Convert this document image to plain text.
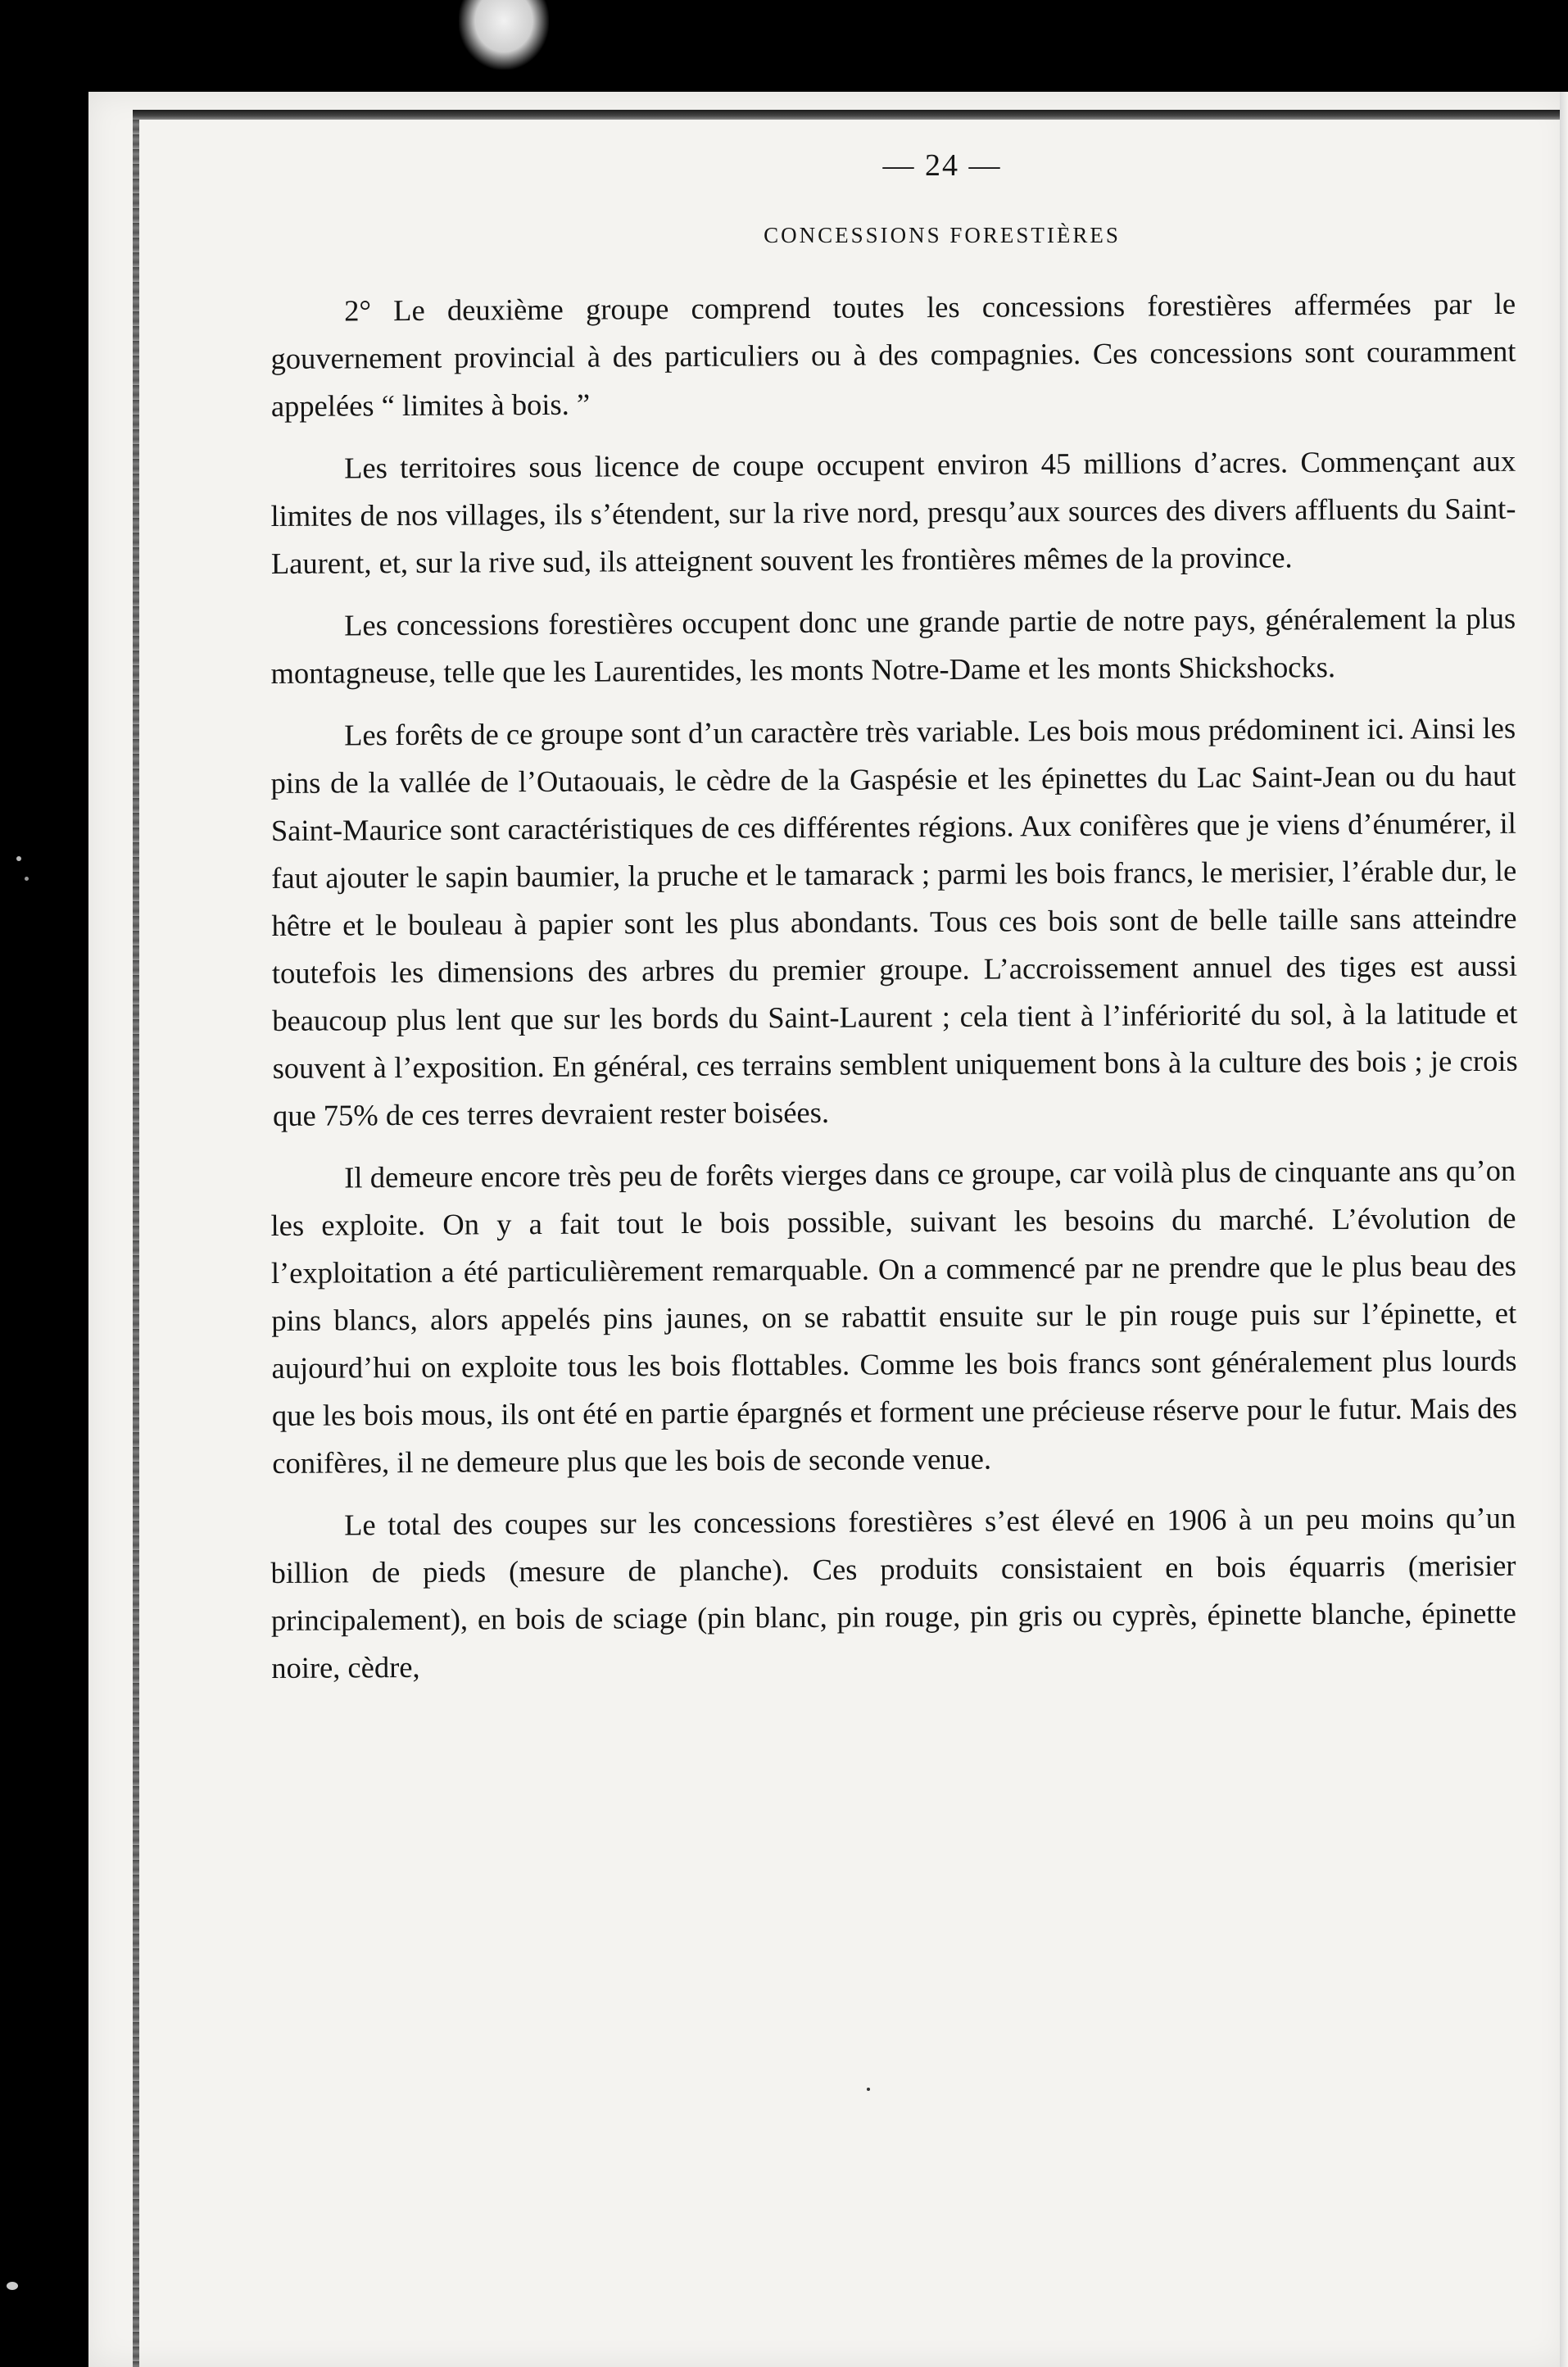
— 24 —
CONCESSIONS FORESTIÈRES

2° Le deuxième groupe comprend toutes les concessions forestières affermées par le gouvernement provincial à des particuliers ou à des compagnies. Ces concessions sont couramment appelées “ limites à bois. ”

Les territoires sous licence de coupe occupent environ 45 millions d’acres. Commençant aux limites de nos villages, ils s’étendent, sur la rive nord, presqu’aux sources des divers affluents du Saint-Laurent, et, sur la rive sud, ils atteignent souvent les frontières mêmes de la province.

Les concessions forestières occupent donc une grande partie de notre pays, généralement la plus montagneuse, telle que les Laurentides, les monts Notre-Dame et les monts Shickshocks.

Les forêts de ce groupe sont d’un caractère très variable. Les bois mous prédominent ici. Ainsi les pins de la vallée de l’Outaouais, le cèdre de la Gaspésie et les épinettes du Lac Saint-Jean ou du haut Saint-Maurice sont caractéristiques de ces différentes régions. Aux conifères que je viens d’énumérer, il faut ajouter le sapin baumier, la pruche et le tamarack ; parmi les bois francs, le merisier, l’érable dur, le hêtre et le bouleau à papier sont les plus abondants. Tous ces bois sont de belle taille sans atteindre toutefois les dimensions des arbres du premier groupe. L’accroissement annuel des tiges est aussi beaucoup plus lent que sur les bords du Saint-Laurent ; cela tient à l’infériorité du sol, à la latitude et souvent à l’exposition. En général, ces terrains semblent uniquement bons à la culture des bois ; je crois que 75% de ces terres devraient rester boisées.

Il demeure encore très peu de forêts vierges dans ce groupe, car voilà plus de cinquante ans qu’on les exploite. On y a fait tout le bois possible, suivant les besoins du marché. L’évolution de l’exploitation a été particulièrement remarquable. On a commencé par ne prendre que le plus beau des pins blancs, alors appelés pins jaunes, on se rabattit ensuite sur le pin rouge puis sur l’épinette, et aujourd’hui on exploite tous les bois flottables. Comme les bois francs sont généralement plus lourds que les bois mous, ils ont été en partie épargnés et forment une précieuse réserve pour le futur. Mais des conifères, il ne demeure plus que les bois de seconde venue.

Le total des coupes sur les concessions forestières s’est élevé en 1906 à un peu moins qu’un billion de pieds (mesure de planche). Ces produits consistaient en bois équarris (merisier principalement), en bois de sciage (pin blanc, pin rouge, pin gris ou cyprès, épinette blanche, épinette noire, cèdre,
